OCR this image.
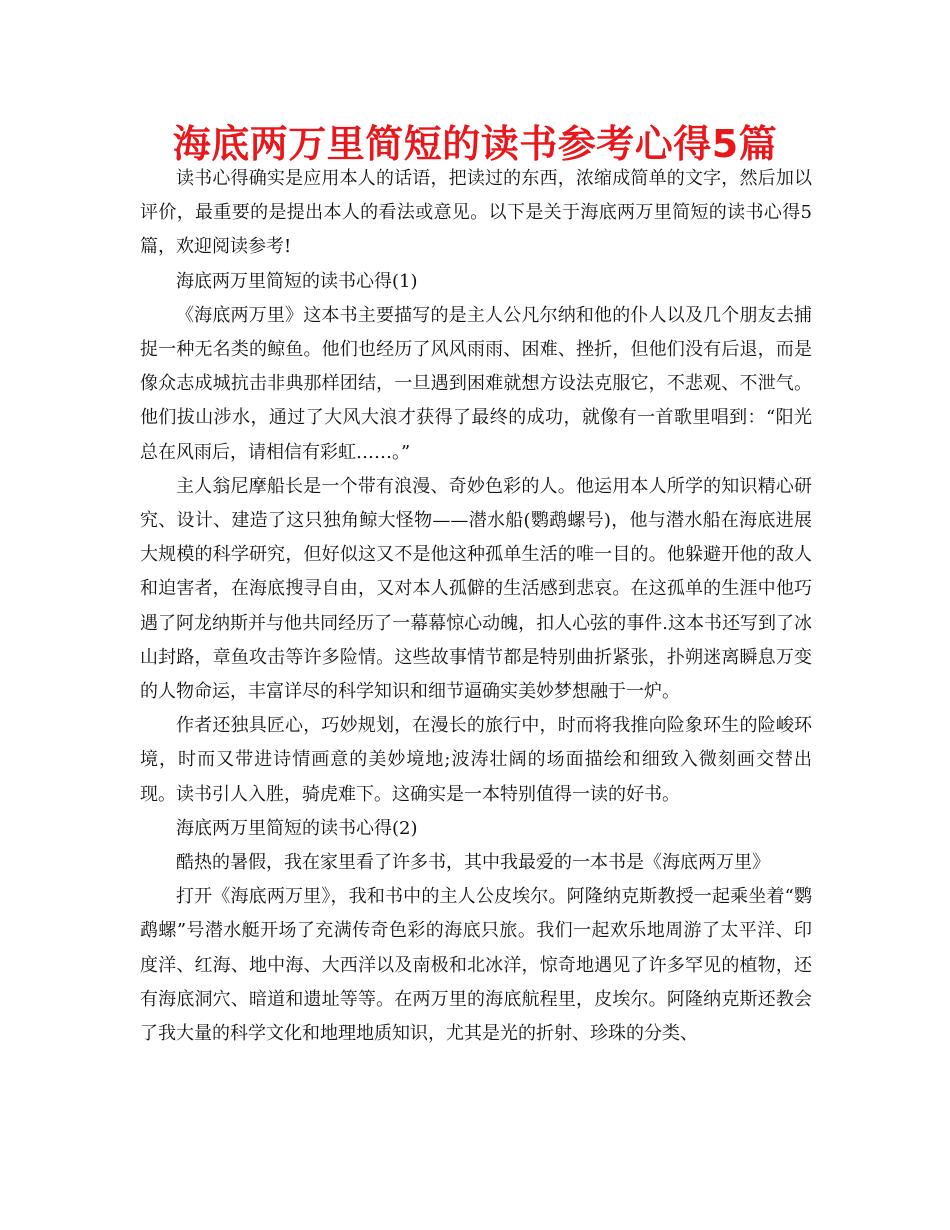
海底两万里简短的读书参考心得5篇

读书心得确实是应用本人的话语，把读过的东西，浓缩成简单的文字，然后加以评价，最重要的是提出本人的看法或意见。以下是关于海底两万里简短的读书心得5篇，欢迎阅读参考!

海底两万里简短的读书心得(1)

《海底两万里》这本书主要描写的是主人公凡尔纳和他的仆人以及几个朋友去捕捉一种无名类的鲸鱼。他们也经历了风风雨雨、困难、挫折，但他们没有后退，而是像众志成城抗击非典那样团结，一旦遇到困难就想方设法克服它，不悲观、不泄气。他们拔山涉水，通过了大风大浪才获得了最终的成功，就像有一首歌里唱到：“阳光总在风雨后，请相信有彩虹……。”

主人翁尼摩船长是一个带有浪漫、奇妙色彩的人。他运用本人所学的知识精心研究、设计、建造了这只独角鲸大怪物——潜水船(鹦鹉螺号)，他与潜水船在海底进展大规模的科学研究，但好似这又不是他这种孤单生活的唯一目的。他躲避开他的敌人和迫害者，在海底搜寻自由，又对本人孤僻的生活感到悲哀。在这孤单的生涯中他巧遇了阿龙纳斯并与他共同经历了一幕幕惊心动魄，扣人心弦的事件.这本书还写到了冰山封路，章鱼攻击等许多险情。这些故事情节都是特别曲折紧张，扑朔迷离瞬息万变的人物命运，丰富详尽的科学知识和细节逼确实美妙梦想融于一炉。

作者还独具匠心，巧妙规划，在漫长的旅行中，时而将我推向险象环生的险峻环境，时而又带进诗情画意的美妙境地;波涛壮阔的场面描绘和细致入微刻画交替出现。读书引人入胜，骑虎难下。这确实是一本特别值得一读的好书。

海底两万里简短的读书心得(2)

酷热的暑假，我在家里看了许多书，其中我最爱的一本书是《海底两万里》

打开《海底两万里》，我和书中的主人公皮埃尔。阿隆纳克斯教授一起乘坐着“鹦鹉螺”号潜水艇开场了充满传奇色彩的海底只旅。我们一起欢乐地周游了太平洋、印度洋、红海、地中海、大西洋以及南极和北冰洋，惊奇地遇见了许多罕见的植物，还有海底洞穴、暗道和遗址等等。在两万里的海底航程里，皮埃尔。阿隆纳克斯还教会了我大量的科学文化和地理地质知识，尤其是光的折射、珍珠的分类、
